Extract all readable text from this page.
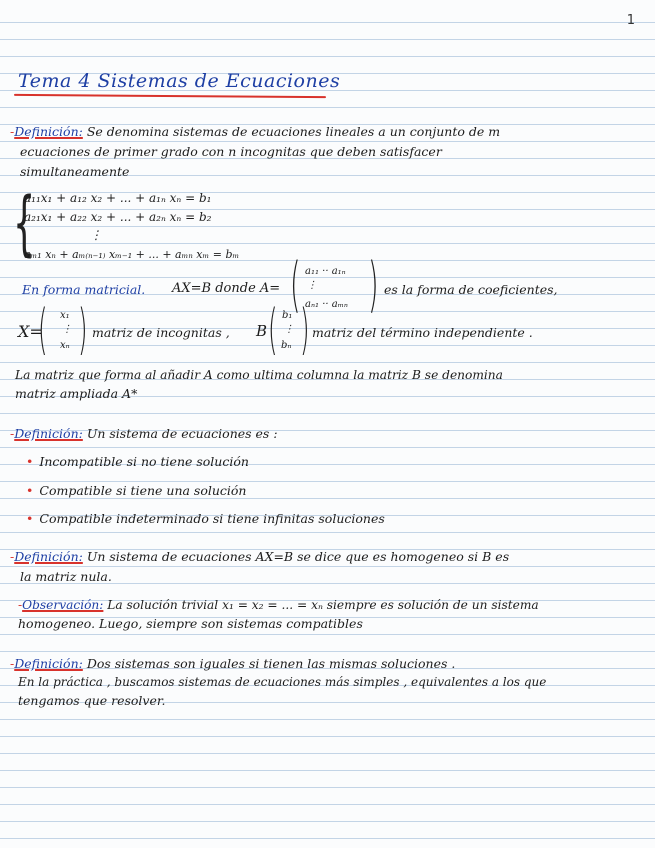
1
Tema 4 Sistemas de Ecuaciones
-Definición: Se denomina sistemas de ecuaciones lineales a un conjunto de m
ecuaciones de primer grado con n incognitas que deben satisfacer
simultaneamente
{
a₁₁x₁ + a₁₂ x₂ + ... + a₁ₙ xₙ = b₁
a₂₁x₁ + a₂₂ x₂ + ... + a₂ₙ xₙ = b₂
⋮
aₘ₁ xₙ + aₘ₍ₙ₋₁₎ xₘ₋₁ + ... + aₘₙ xₘ = bₘ
En forma matricial. AX=B donde A= ( a₁₁ ·· a₁ₙ
⋮
aₙ₁ ·· aₘₙ ) es la forma de coeficientes,
X=
( x₁
⋮
xₙ ) matriz de incognitas , B ( b₁
⋮
bₙ ) matriz del término independiente .
La matriz que forma al añadir A como ultima columna la matriz B se denomina
matriz ampliada A*
-Definición: Un sistema de ecuaciones es :
• Incompatible si no tiene solución
• Compatible si tiene una solución
• Compatible indeterminado si tiene infinitas soluciones
-Definición: Un sistema de ecuaciones AX=B se dice que es homogeneo si B es
la matriz nula.
-Observación: La solución trivial x₁ = x₂ = ... = xₙ siempre es solución de un sistema
homogeneo. Luego, siempre son sistemas compatibles
-Definición: Dos sistemas son iguales si tienen las mismas soluciones .
En la práctica , buscamos sistemas de ecuaciones más simples , equivalentes a los que
tengamos que resolver.
